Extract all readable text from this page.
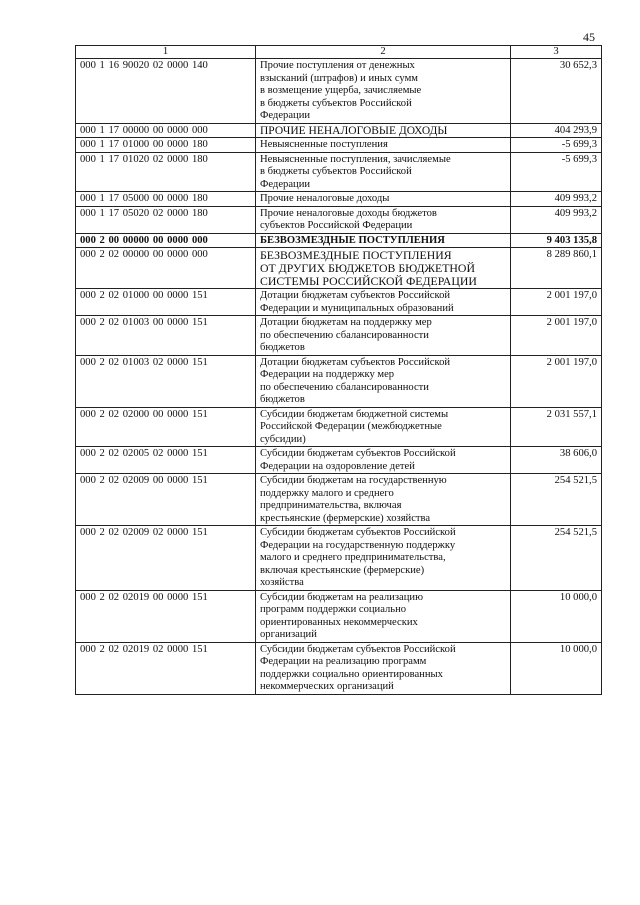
45
1	2	3
000 1 16 90020 02 0000 140	Прочие поступления от денежных
взысканий (штрафов) и иных сумм
в возмещение ущерба, зачисляемые
в бюджеты субъектов Российской
Федерации	30 652,3
000 1 17 00000 00 0000 000	ПРОЧИЕ НЕНАЛОГОВЫЕ ДОХОДЫ	404 293,9
000 1 17 01000 00 0000 180	Невыясненные поступления	-5 699,3
000 1 17 01020 02 0000 180	Невыясненные поступления, зачисляемые
в бюджеты субъектов Российской
Федерации	-5 699,3
000 1 17 05000 00 0000 180	Прочие неналоговые доходы	409 993,2
000 1 17 05020 02 0000 180	Прочие неналоговые доходы бюджетов
субъектов Российской Федерации	409 993,2
000 2 00 00000 00 0000 000	БЕЗВОЗМЕЗДНЫЕ ПОСТУПЛЕНИЯ	9 403 135,8
000 2 02 00000 00 0000 000	БЕЗВОЗМЕЗДНЫЕ ПОСТУПЛЕНИЯ
ОТ ДРУГИХ БЮДЖЕТОВ БЮДЖЕТНОЙ
СИСТЕМЫ РОССИЙСКОЙ ФЕДЕРАЦИИ	8 289 860,1
000 2 02 01000 00 0000 151	Дотации бюджетам субъектов Российской
Федерации и муниципальных образований	2 001 197,0
000 2 02 01003 00 0000 151	Дотации бюджетам на поддержку мер
по обеспечению сбалансированности
бюджетов	2 001 197,0
000 2 02 01003 02 0000 151	Дотации бюджетам субъектов Российской
Федерации на поддержку мер
по обеспечению сбалансированности
бюджетов	2 001 197,0
000 2 02 02000 00 0000 151	Субсидии бюджетам бюджетной системы
Российской Федерации (межбюджетные
субсидии)	2 031 557,1
000 2 02 02005 02 0000 151	Субсидии бюджетам субъектов Российской
Федерации на оздоровление детей	38 606,0
000 2 02 02009 00 0000 151	Субсидии бюджетам на государственную
поддержку малого и среднего
предпринимательства, включая
крестьянские (фермерские) хозяйства	254 521,5
000 2 02 02009 02 0000 151	Субсидии бюджетам субъектов Российской
Федерации на государственную поддержку
малого и среднего предпринимательства,
включая крестьянские (фермерские)
хозяйства	254 521,5
000 2 02 02019 00 0000 151	Субсидии бюджетам на реализацию
программ поддержки социально
ориентированных некоммерческих
организаций	10 000,0
000 2 02 02019 02 0000 151	Субсидии бюджетам субъектов Российской
Федерации на реализацию программ
поддержки социально ориентированных
некоммерческих организаций	10 000,0
